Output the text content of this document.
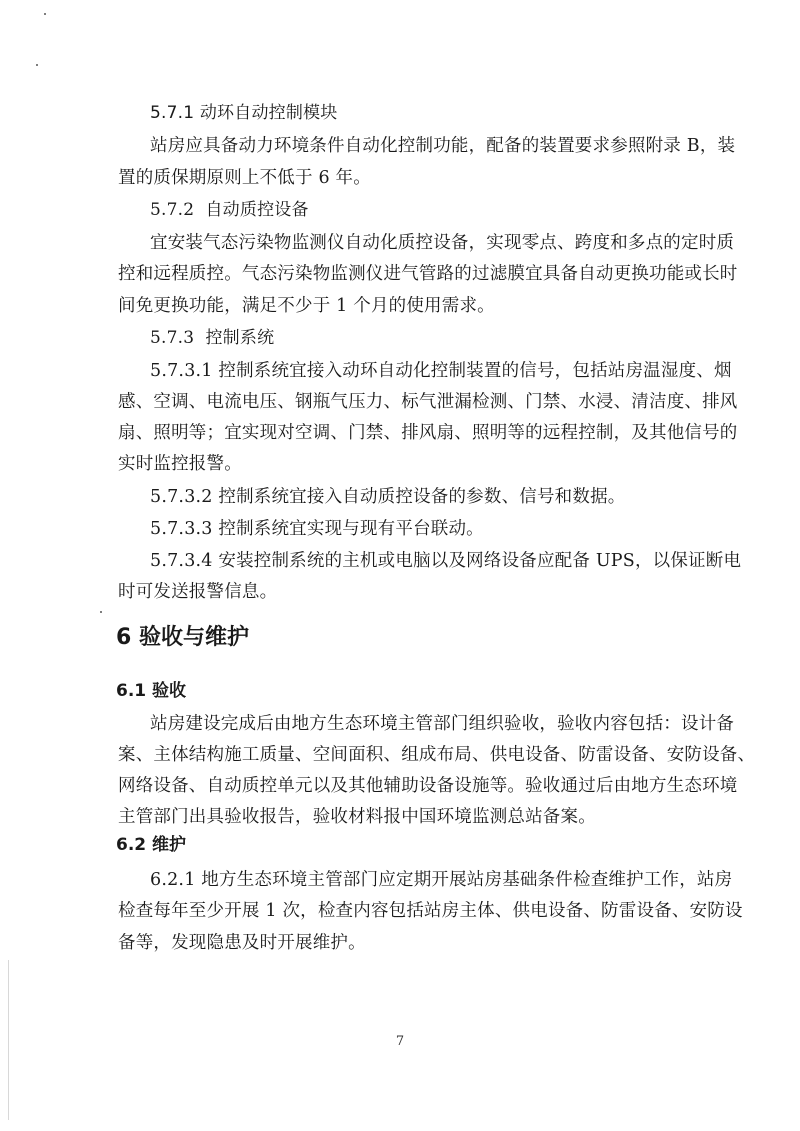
5.7.1 动环自动控制模块
站房应具备动力环境条件自动化控制功能，配备的装置要求参照附录 B，装
置的质保期原则上不低于 6 年。
5.7.2 自动质控设备
宜安装气态污染物监测仪自动化质控设备，实现零点、跨度和多点的定时质
控和远程质控。气态污染物监测仪进气管路的过滤膜宜具备自动更换功能或长时
间免更换功能，满足不少于 1 个月的使用需求。
5.7.3 控制系统
5.7.3.1 控制系统宜接入动环自动化控制装置的信号，包括站房温湿度、烟
感、空调、电流电压、钢瓶气压力、标气泄漏检测、门禁、水浸、清洁度、排风
扇、照明等；宜实现对空调、门禁、排风扇、照明等的远程控制，及其他信号的
实时监控报警。
5.7.3.2 控制系统宜接入自动质控设备的参数、信号和数据。
5.7.3.3 控制系统宜实现与现有平台联动。
5.7.3.4 安装控制系统的主机或电脑以及网络设备应配备 UPS，以保证断电
时可发送报警信息。
6 验收与维护
6.1 验收
站房建设完成后由地方生态环境主管部门组织验收，验收内容包括：设计备
案、主体结构施工质量、空间面积、组成布局、供电设备、防雷设备、安防设备、
网络设备、自动质控单元以及其他辅助设备设施等。验收通过后由地方生态环境
主管部门出具验收报告，验收材料报中国环境监测总站备案。
6.2 维护
6.2.1 地方生态环境主管部门应定期开展站房基础条件检查维护工作，站房
检查每年至少开展 1 次，检查内容包括站房主体、供电设备、防雷设备、安防设
备等，发现隐患及时开展维护。
7
